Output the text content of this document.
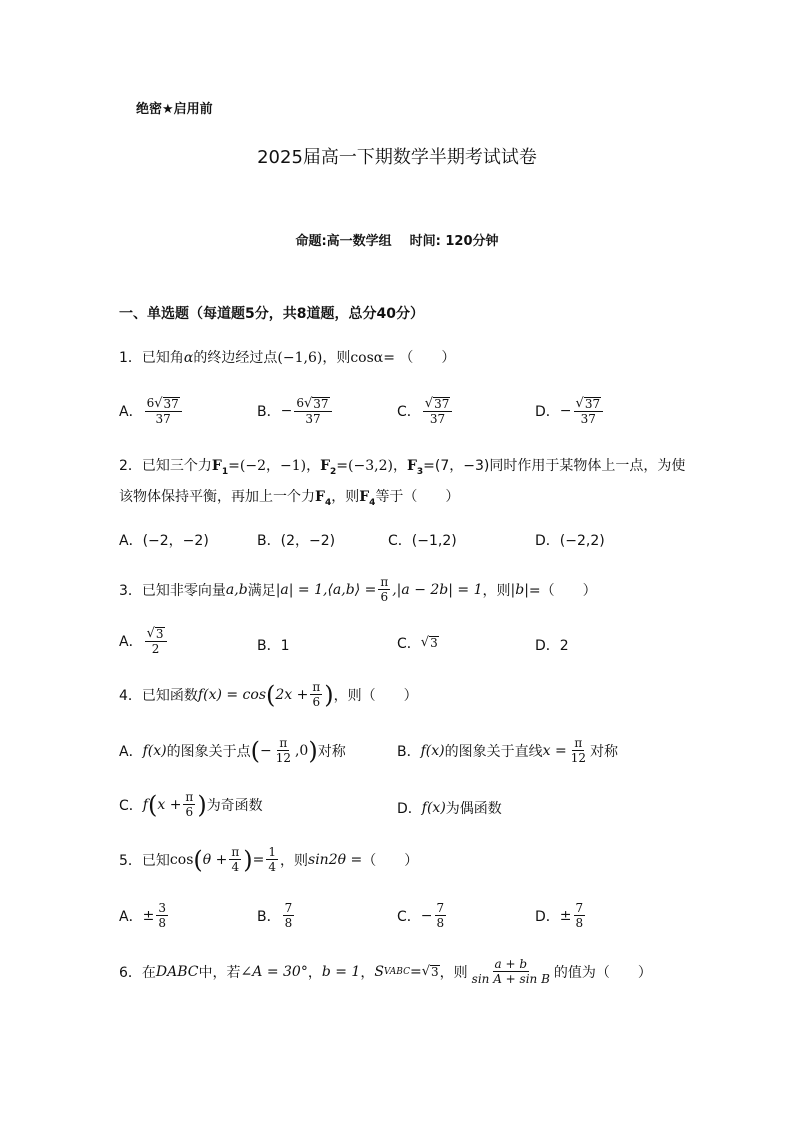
绝密★启用前
2025届高一下期数学半期考试试卷
命题:高一数学组 时间: 120分钟
一、单选题（每道题5分，共8道题，总分40分）
1．已知角α的终边经过点(−1,6)，则cosα= （　　）
A． $\frac{6 √ 37}{37}$	B． − $\frac{6 √ 37}{37}$	C． $\frac{√ 37}{37}$	D． − $\frac{√ 37}{37}$
2．已知三个力$F_1=(-2$，−1)，$F_2=(-3,2)$，$F_3=(7$，−3)同时作用于某物体上一点，为使
该物体保持平衡，再加上一个力$F_4$，则$F_4$等于（　　）
A．(−2，−2)	B．(2，−2)	C．(−1,2)	D．(−2,2)
3．已知非零向量 a,b 满足 |a| = 1, ⟨a,b⟩ = $\frac{\pi}{6} ,|a - 2b| = 1$ ，则 |b| =（　　）
A． $\frac{√ 3}{2}$	B．1	C． √ 3	D．2
4．已知函数 f(x) = cos ( $2x + \frac{\pi}{6}$ ) ，则（　　）
A． f(x) 的图象关于点 ( − $\frac{\pi}{12} ,0$ ) 对称	B． f(x) 的图象关于直线 $x = \frac{\pi}{12}$ 对称
C． f ( $x + \frac{\pi}{6}$ ) 为奇函数	D． f(x) 为偶函数
5．已知 cos ( $\theta + \frac{\pi}{4}$ ) = $\frac{1}{4}$ ，则 sin2θ = （　　）
A． ± $\frac{3}{8}$	B． $\frac{7}{8}$	C． − $\frac{7}{8}$	D． ± $\frac{7}{8}$
6．在 DABC 中，若 ∠A = 30° ， b = 1 ， S VABC = √ 3 ，则 $\frac{a + b}{\text{sin A + sin B}}$ 的值为（　　）
